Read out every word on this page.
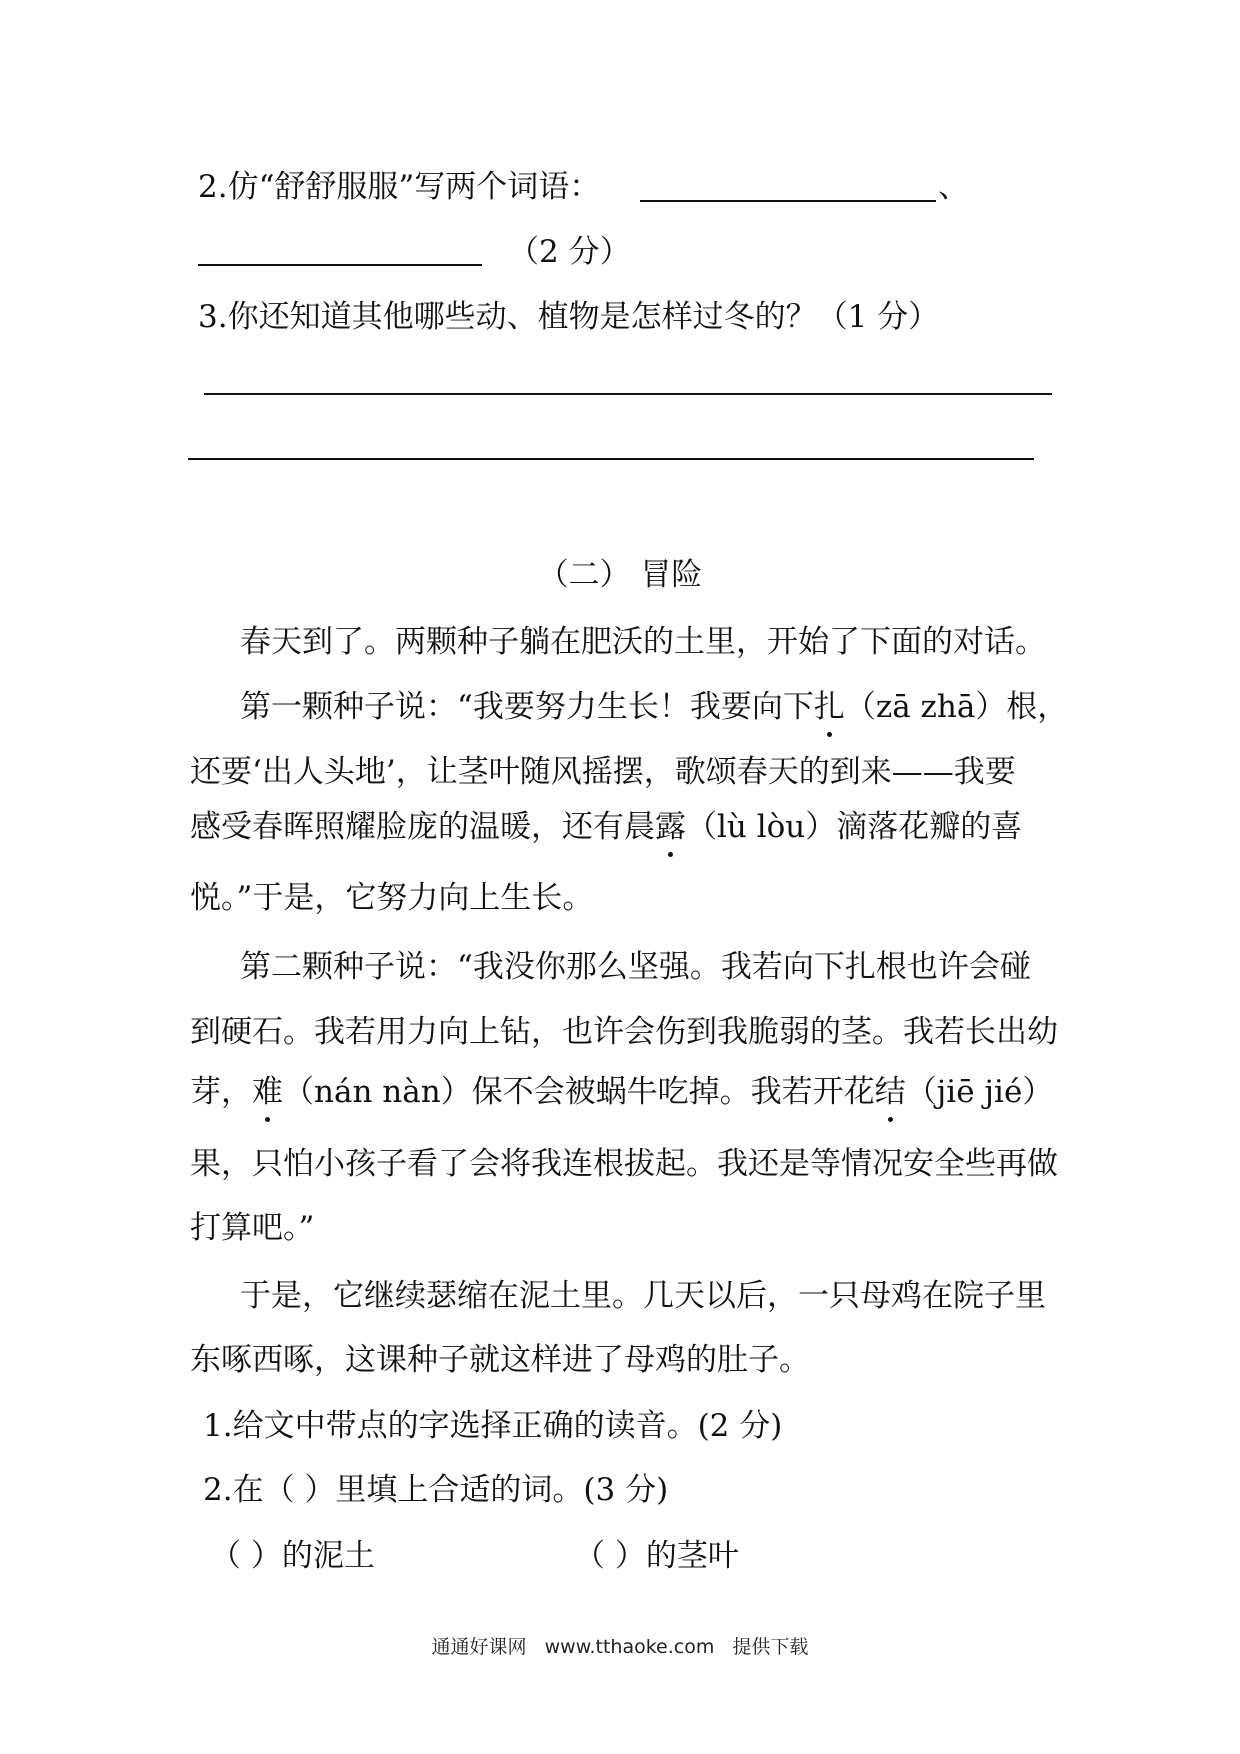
2.仿“舒舒服服”写两个词语：	、
（2 分）
3.你还知道其他哪些动、植物是怎样过冬的？（1 分）
（二） 冒险
春天到了。两颗种子躺在肥沃的土里，开始了下面的对话。
第一颗种子说：“我要努力生长！我要向下扎（zā zhā）根，
还要‘出人头地’，让茎叶随风摇摆，歌颂春天的到来——我要
感受春晖照耀脸庞的温暖，还有晨露（lù lòu）滴落花瓣的喜
悦。”于是，它努力向上生长。
第二颗种子说：“我没你那么坚强。我若向下扎根也许会碰
到硬石。我若用力向上钻，也许会伤到我脆弱的茎。我若长出幼
芽，难（nán nàn）保不会被蜗牛吃掉。我若开花结（jiē jié）
果，只怕小孩子看了会将我连根拔起。我还是等情况安全些再做
打算吧。”
于是，它继续瑟缩在泥土里。几天以后，一只母鸡在院子里
东啄西啄，这课种子就这样进了母鸡的肚子。
1.给文中带点的字选择正确的读音。(2 分)
2.在（ ）里填上合适的词。(3 分)
（ ）的泥土	（ ）的茎叶
通通好课网 www.tthaoke.com 提供下载
